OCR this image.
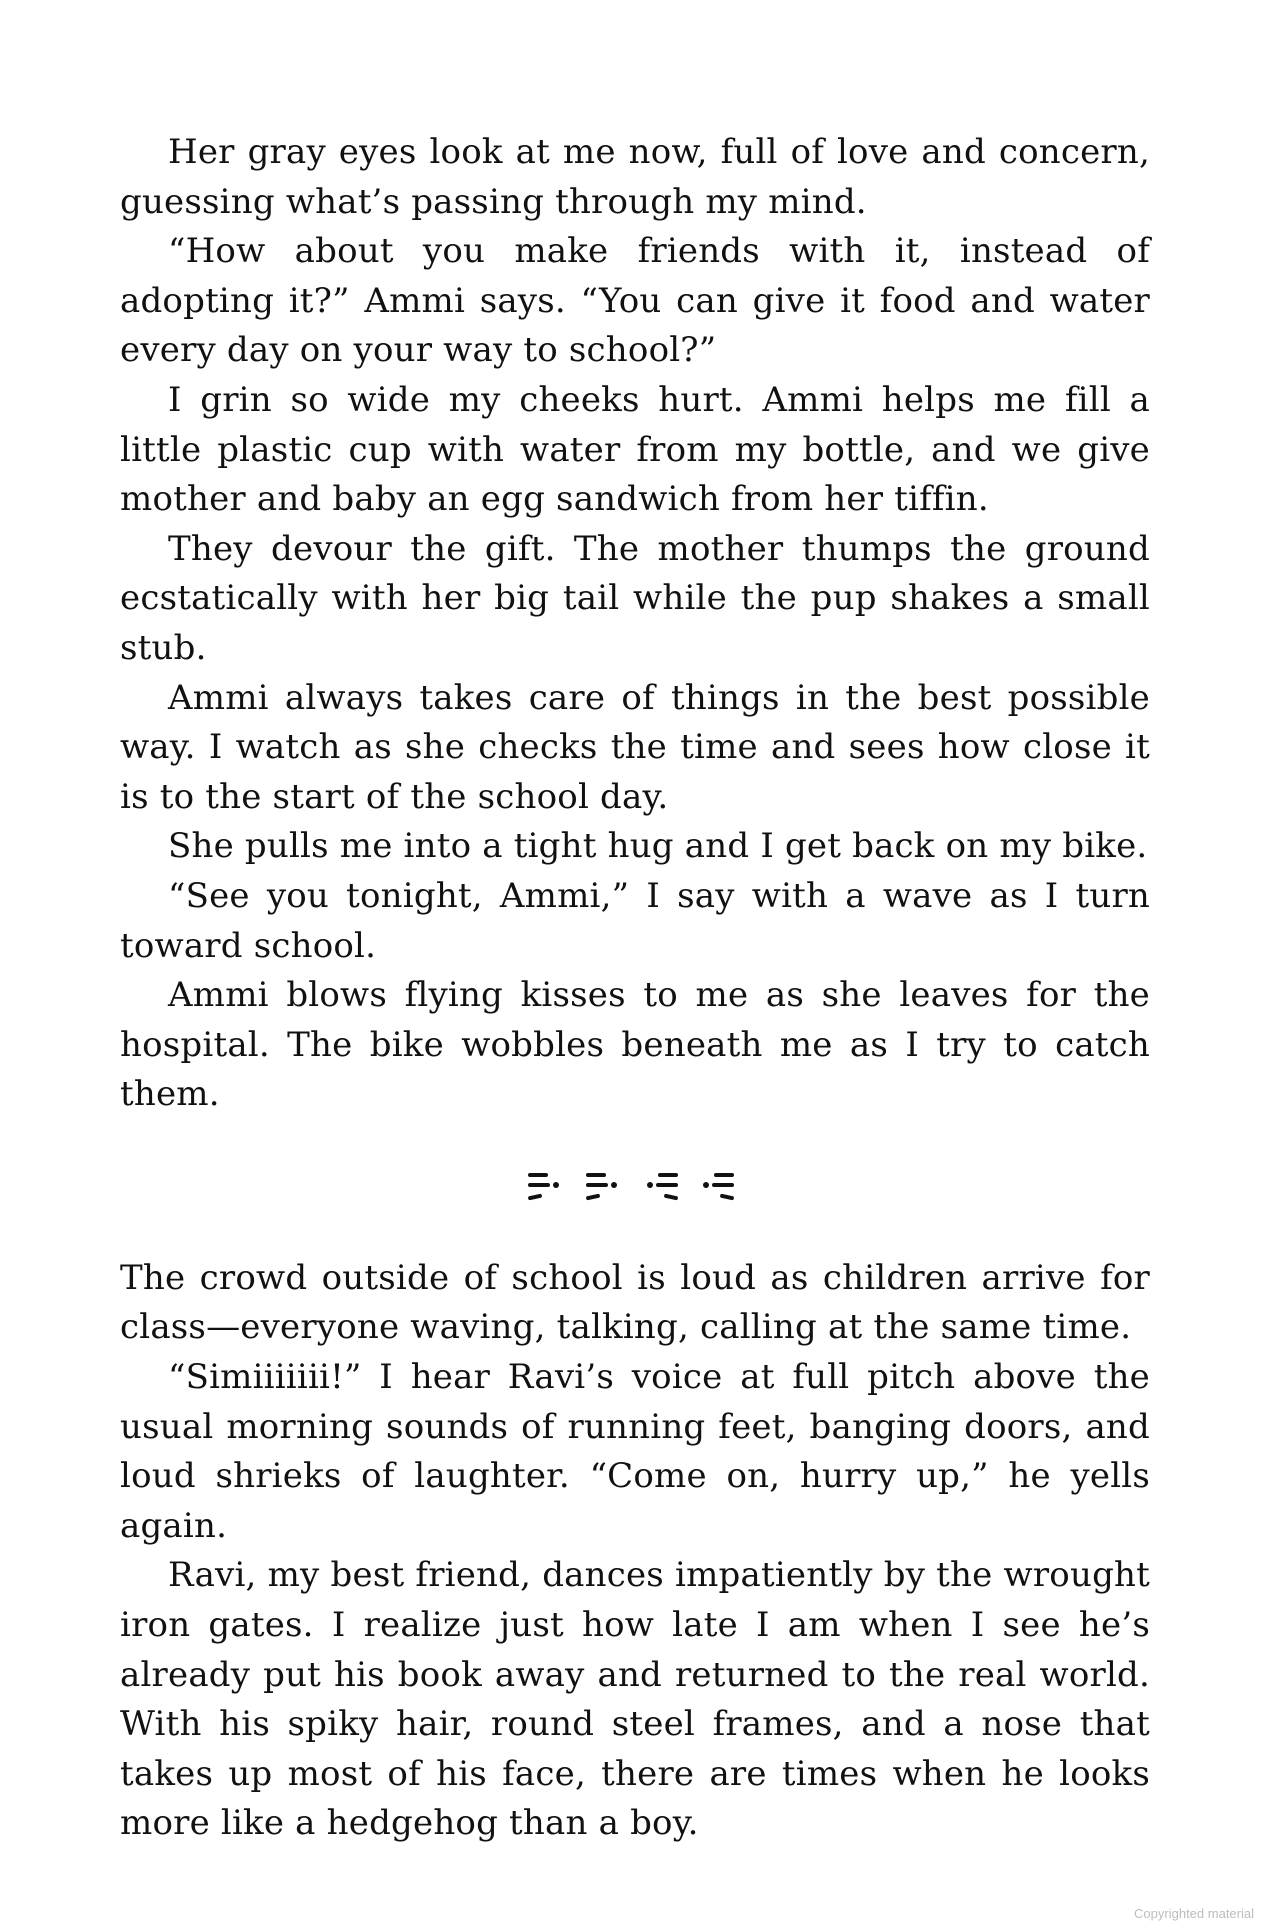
Her gray eyes look at me now, full of love and concern, guessing what’s passing through my mind.

“How about you make friends with it, instead of adopting it?” Ammi says. “You can give it food and water every day on your way to school?”

I grin so wide my cheeks hurt. Ammi helps me fill a little plastic cup with water from my bottle, and we give mother and baby an egg sandwich from her tiffin.

They devour the gift. The mother thumps the ground ecstatically with her big tail while the pup shakes a small stub.

Ammi always takes care of things in the best possible way. I watch as she checks the time and sees how close it is to the start of the school day.

She pulls me into a tight hug and I get back on my bike.

“See you tonight, Ammi,” I say with a wave as I turn toward school.

Ammi blows flying kisses to me as she leaves for the hospital. The bike wobbles beneath me as I try to catch them.

The crowd outside of school is loud as children arrive for class—everyone waving, talking, calling at the same time.

“Simiiiiiii!” I hear Ravi’s voice at full pitch above the usual morning sounds of running feet, banging doors, and loud shrieks of laughter. “Come on, hurry up,” he yells again.

Ravi, my best friend, dances impatiently by the wrought iron gates. I realize just how late I am when I see he’s already put his book away and returned to the real world. With his spiky hair, round steel frames, and a nose that takes up most of his face, there are times when he looks more like a hedgehog than a boy.

Copyrighted material
